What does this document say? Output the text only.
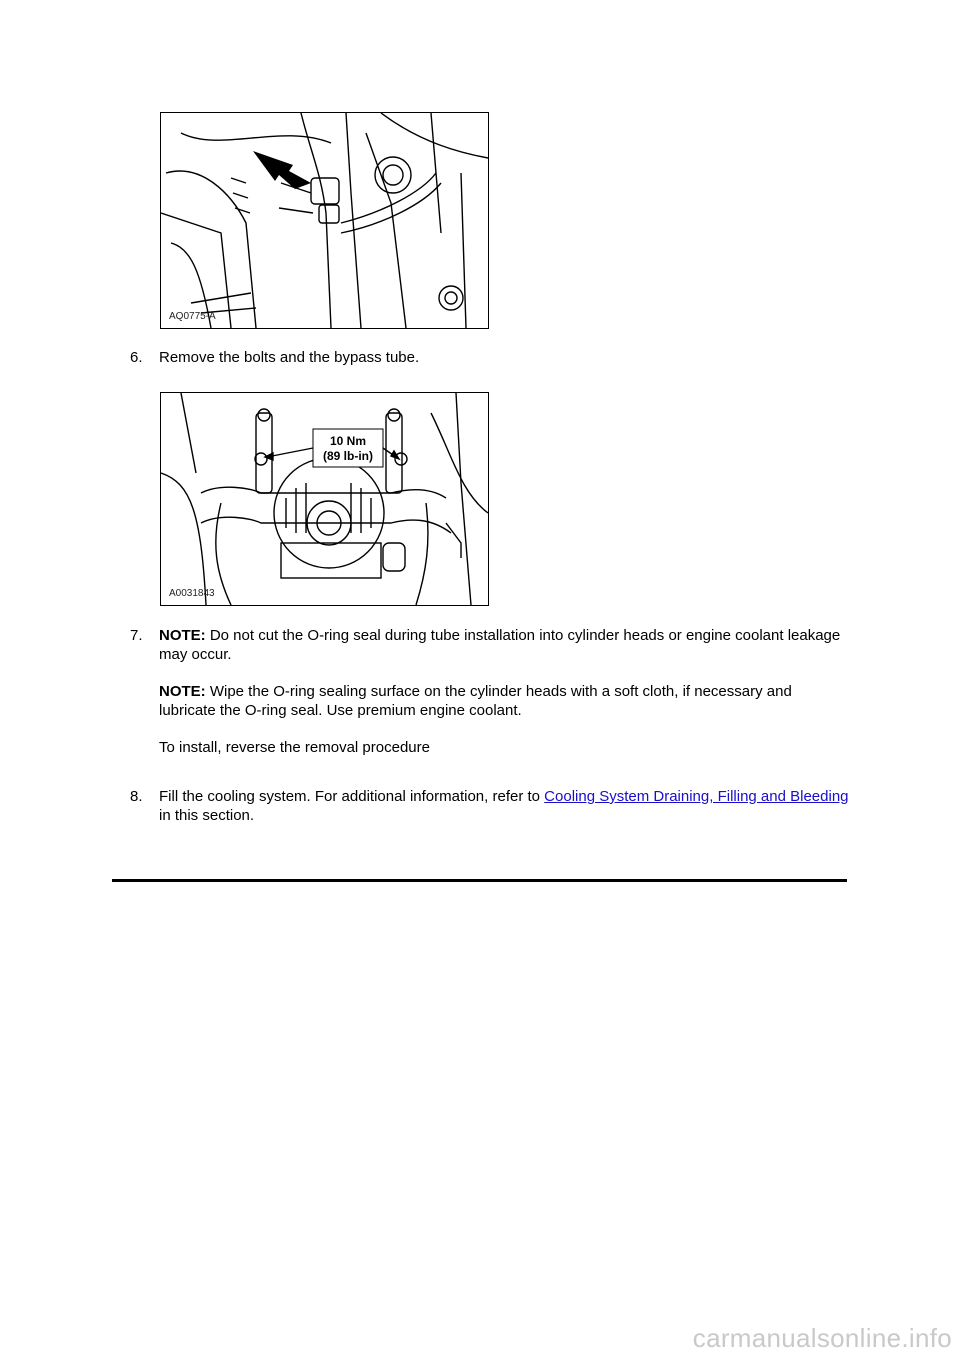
AQ0775-A
6.	Remove the bolts and the bypass tube.
10 Nm
(89 lb-in)
A0031843
7.	NOTE: Do not cut the O-ring seal during tube installation into cylinder heads or engine coolant leakage may occur.

NOTE: Wipe the O-ring sealing surface on the cylinder heads with a soft cloth, if necessary and lubricate the O-ring seal. Use premium engine coolant.

To install, reverse the removal procedure

8.	Fill the cooling system. For additional information, refer to Cooling System Draining, Filling and Bleeding in this section.
carmanualsonline.info
